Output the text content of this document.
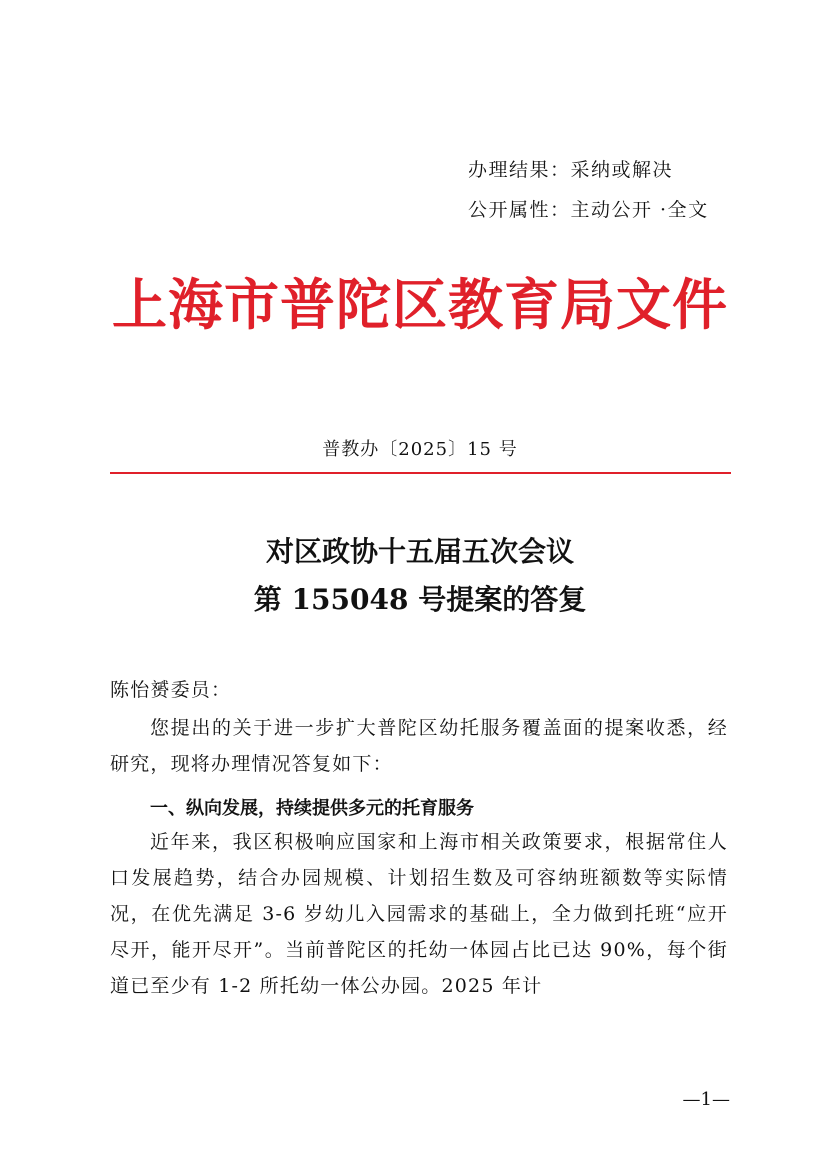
办理结果：采纳或解决
公开属性：主动公开 ·全文
上海市普陀区教育局文件
普教办〔2025〕15 号
对区政协十五届五次会议
第 155048 号提案的答复
陈怡赟委员：
您提出的关于进一步扩大普陀区幼托服务覆盖面的提案收悉，经研究，现将办理情况答复如下：
一、纵向发展，持续提供多元的托育服务
近年来，我区积极响应国家和上海市相关政策要求，根据常住人口发展趋势，结合办园规模、计划招生数及可容纳班额数等实际情况，在优先满足 3-6 岁幼儿入园需求的基础上，全力做到托班“应开尽开，能开尽开”。当前普陀区的托幼一体园占比已达 90%，每个街道已至少有 1-2 所托幼一体公办园。2025 年计
—1—
